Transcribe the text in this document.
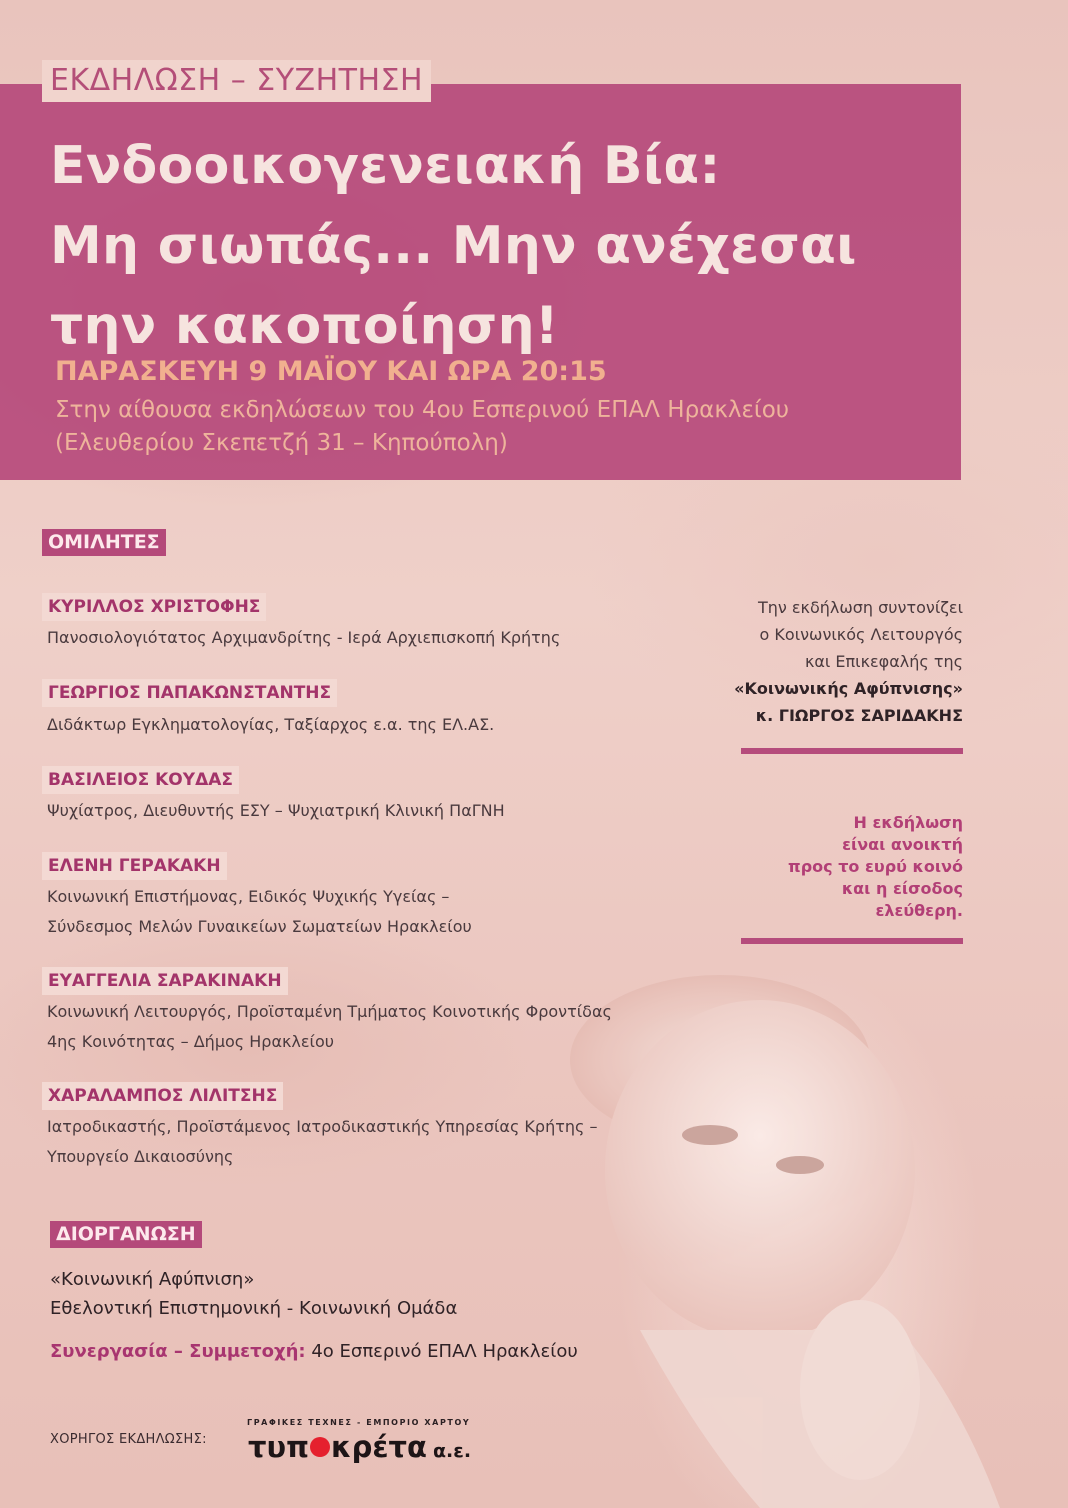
ΕΚΔΗΛΩΣΗ – ΣΥΖΗΤΗΣΗ
Ενδοοικογενειακή Βία:
Μη σιωπάς... Μην ανέχεσαι
την κακοποίηση!
ΠΑΡΑΣΚΕΥΗ 9 ΜΑΪΟΥ ΚΑΙ ΩΡΑ 20:15
Στην αίθουσα εκδηλώσεων του 4ου Εσπερινού ΕΠΑΛ Ηρακλείου
(Ελευθερίου Σκεπετζή 31 – Κηπούπολη)
ΟΜΙΛΗΤΕΣ
ΚΥΡΙΛΛΟΣ ΧΡΙΣΤΟΦΗΣ
Πανοσιολογιότατος Αρχιμανδρίτης - Ιερά Αρχιεπισκοπή Κρήτης
ΓΕΩΡΓΙΟΣ ΠΑΠΑΚΩΝΣΤΑΝΤΗΣ
Διδάκτωρ Εγκληματολογίας, Ταξίαρχος ε.α. της ΕΛ.ΑΣ.
ΒΑΣΙΛΕΙΟΣ ΚΟΥΔΑΣ
Ψυχίατρος, Διευθυντής ΕΣΥ – Ψυχιατρική Κλινική ΠαΓΝΗ
ΕΛΕΝΗ ΓΕΡΑΚΑΚΗ
Κοινωνική Επιστήμονας, Ειδικός Ψυχικής Υγείας –
Σύνδεσμος Μελών Γυναικείων Σωματείων Ηρακλείου
ΕΥΑΓΓΕΛΙΑ ΣΑΡΑΚΙΝΑΚΗ
Κοινωνική Λειτουργός, Προϊσταμένη Τμήματος Κοινοτικής Φροντίδας
4ης Κοινότητας – Δήμος Ηρακλείου
ΧΑΡΑΛΑΜΠΟΣ ΛΙΛΙΤΣΗΣ
Ιατροδικαστής, Προϊστάμενος Ιατροδικαστικής Υπηρεσίας Κρήτης –
Υπουργείο Δικαιοσύνης
Την εκδήλωση συντονίζει
ο Κοινωνικός Λειτουργός
και Επικεφαλής της
«Κοινωνικής Αφύπνισης»
κ. ΓΙΩΡΓΟΣ ΣΑΡΙΔΑΚΗΣ
Η εκδήλωση
είναι ανοικτή
προς το ευρύ κοινό
και η είσοδος
ελεύθερη.
ΔΙΟΡΓΑΝΩΣΗ
«Κοινωνική Αφύπνιση»
Εθελοντική Επιστημονική - Κοινωνική Ομάδα
Συνεργασία – Συμμετοχή: 4ο Εσπερινό ΕΠΑΛ Ηρακλείου
ΧΟΡΗΓΟΣ ΕΚΔΗΛΩΣΗΣ:
ΓΡΑΦΙΚΕΣ ΤΕΧΝΕΣ - ΕΜΠΟΡΙΟ ΧΑΡΤΟΥ
τυπ κρέτα α.ε.
